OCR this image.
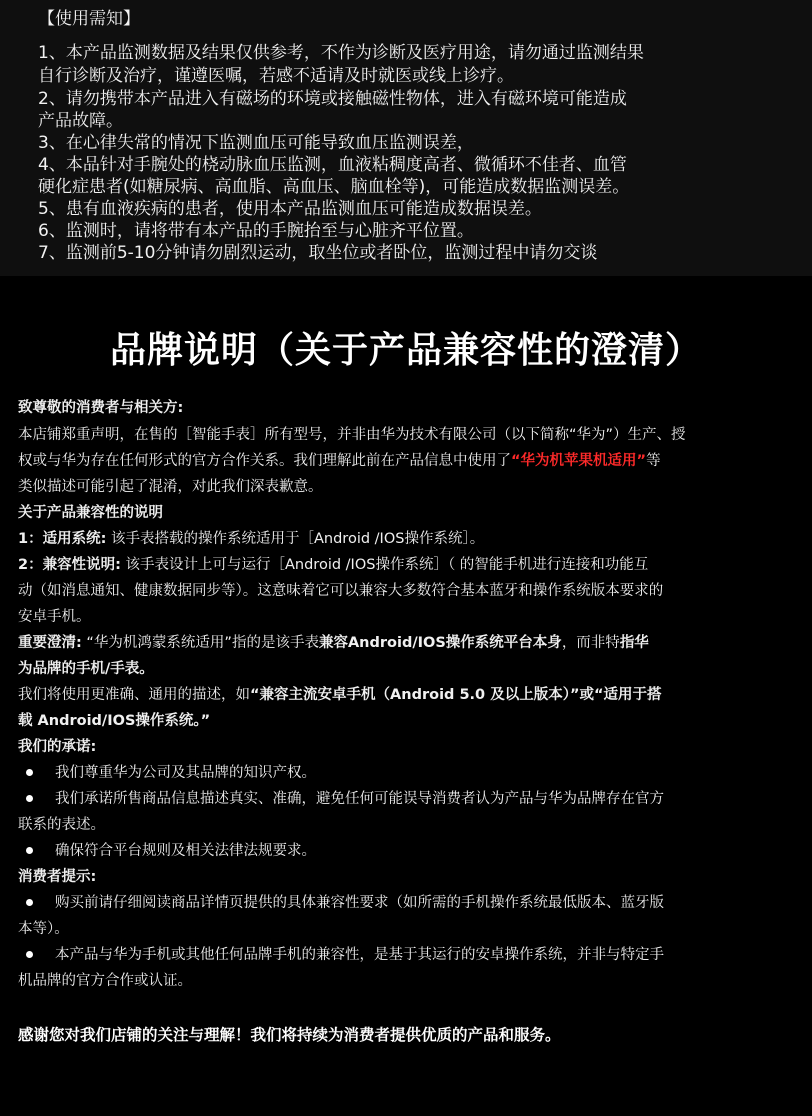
【使用需知】
1、本产品监测数据及结果仅供参考，不作为诊断及医疗用途，请勿通过监测结果
自行诊断及治疗，谨遵医嘱，若感不适请及时就医或线上诊疗。
2、请勿携带本产品进入有磁场的环境或接触磁性物体，进入有磁环境可能造成
产品故障。
3、在心律失常的情况下监测血压可能导致血压监测误差，
4、本品针对手腕处的桡动脉血压监测，血液粘稠度高者、微循环不佳者、血管
硬化症患者(如糖尿病、高血脂、高血压、脑血栓等)，可能造成数据监测误差。
5、患有血液疾病的患者，使用本产品监测血压可能造成数据误差。
6、监测时，请将带有本产品的手腕抬至与心脏齐平位置。
7、监测前5-10分钟请勿剧烈运动，取坐位或者卧位，监测过程中请勿交谈
品牌说明（关于产品兼容性的澄清）
致尊敬的消费者与相关方:
本店铺郑重声明，在售的［智能手表］所有型号，并非由华为技术有限公司（以下简称“华为”）生产、授
权或与华为存在任何形式的官方合作关系。我们理解此前在产品信息中使用了“华为机苹果机适用”等
类似描述可能引起了混淆，对此我们深表歉意。
关于产品兼容性的说明
1：适用系统: 该手表搭载的操作系统适用于［Android /IOS操作系统］。
2：兼容性说明: 该手表设计上可与运行［Android /IOS操作系统］（ 的智能手机进行连接和功能互
动（如消息通知、健康数据同步等）。这意味着它可以兼容大多数符合基本蓝牙和操作系统版本要求的
安卓手机。
重要澄清: “华为机鸿蒙系统适用”指的是该手表兼容Android/IOS操作系统平台本身，而非特指华
为品牌的手机/手表。
我们将使用更准确、通用的描述，如“兼容主流安卓手机（Android 5.0 及以上版本）”或“适用于搭
载 Android/IOS操作系统。”
我们的承诺:
我们尊重华为公司及其品牌的知识产权。
我们承诺所售商品信息描述真实、准确，避免任何可能误导消费者认为产品与华为品牌存在官方
联系的表述。
确保符合平台规则及相关法律法规要求。
消费者提示:
购买前请仔细阅读商品详情页提供的具体兼容性要求（如所需的手机操作系统最低版本、蓝牙版
本等）。
本产品与华为手机或其他任何品牌手机的兼容性，是基于其运行的安卓操作系统，并非与特定手
机品牌的官方合作或认证。
感谢您对我们店铺的关注与理解！我们将持续为消费者提供优质的产品和服务。
